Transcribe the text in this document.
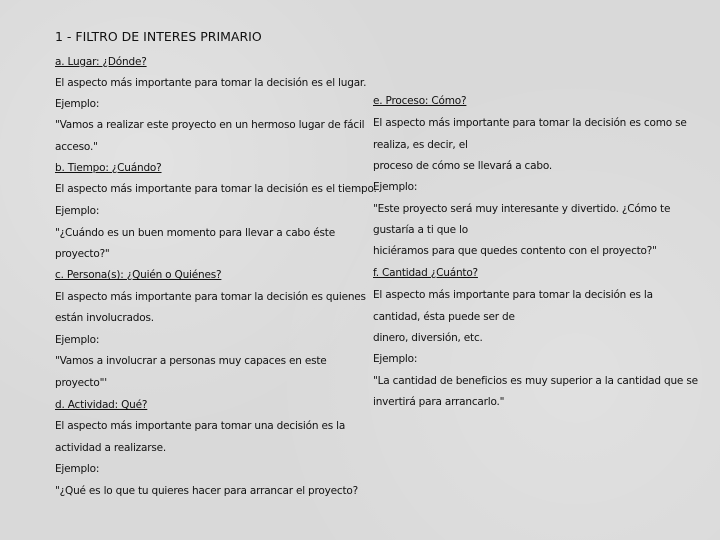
1 - FILTRO DE INTERES PRIMARIO
a. Lugar: ¿Dónde?
El aspecto más importante para tomar la decisión es el lugar.
Ejemplo:
"Vamos a realizar este proyecto en un hermoso lugar de fácil
acceso."
b. Tiempo: ¿Cuándo?
El aspecto más importante para tomar la decisión es el tiempo.
Ejemplo:
"¿Cuándo es un buen momento para llevar a cabo éste
proyecto?"
c. Persona(s): ¿Quién o Quiénes?
El aspecto más importante para tomar la decisión es quienes
están involucrados.
Ejemplo:
"Vamos a involucrar a personas muy capaces en este
proyecto"'
d. Actividad: Qué?
El aspecto más importante para tomar una decisión es la
actividad a realizarse.
Ejemplo:
"¿Qué es lo que tu quieres hacer para arrancar el proyecto?
e. Proceso: Cómo?
El aspecto más importante para tomar la decisión es como se
realiza, es decir, el
proceso de cómo se llevará a cabo.
Ejemplo:
"Este proyecto será muy interesante y divertido. ¿Cómo te
gustaría a ti que lo
hiciéramos para que quedes contento con el proyecto?"
f. Cantidad ¿Cuánto?
El aspecto más importante para tomar la decisión es la
cantidad, ésta puede ser de
dinero, diversión, etc.
Ejemplo:
"La cantidad de beneficios es muy superior a la cantidad que se
invertirá para arrancarlo."
